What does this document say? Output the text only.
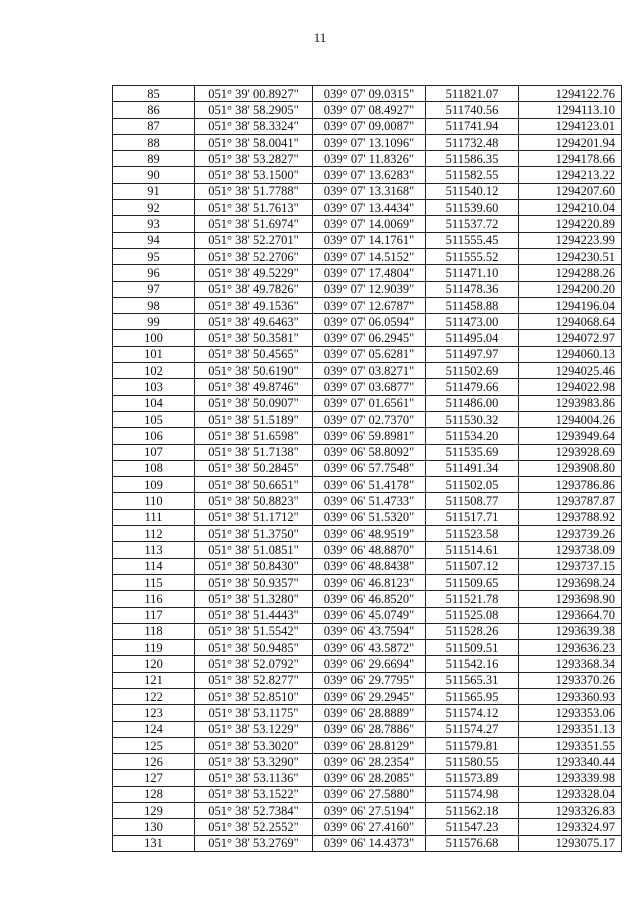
11
85	051° 39' 00.8927"	039° 07' 09.0315"	511821.07	1294122.76
86	051° 38' 58.2905"	039° 07' 08.4927"	511740.56	1294113.10
87	051° 38' 58.3324"	039° 07' 09.0087"	511741.94	1294123.01
88	051° 38' 58.0041"	039° 07' 13.1096"	511732.48	1294201.94
89	051° 38' 53.2827"	039° 07' 11.8326"	511586.35	1294178.66
90	051° 38' 53.1500"	039° 07' 13.6283"	511582.55	1294213.22
91	051° 38' 51.7788"	039° 07' 13.3168"	511540.12	1294207.60
92	051° 38' 51.7613"	039° 07' 13.4434"	511539.60	1294210.04
93	051° 38' 51.6974"	039° 07' 14.0069"	511537.72	1294220.89
94	051° 38' 52.2701"	039° 07' 14.1761"	511555.45	1294223.99
95	051° 38' 52.2706"	039° 07' 14.5152"	511555.52	1294230.51
96	051° 38' 49.5229"	039° 07' 17.4804"	511471.10	1294288.26
97	051° 38' 49.7826"	039° 07' 12.9039"	511478.36	1294200.20
98	051° 38' 49.1536"	039° 07' 12.6787"	511458.88	1294196.04
99	051° 38' 49.6463"	039° 07' 06.0594"	511473.00	1294068.64
100	051° 38' 50.3581"	039° 07' 06.2945"	511495.04	1294072.97
101	051° 38' 50.4565"	039° 07' 05.6281"	511497.97	1294060.13
102	051° 38' 50.6190"	039° 07' 03.8271"	511502.69	1294025.46
103	051° 38' 49.8746"	039° 07' 03.6877"	511479.66	1294022.98
104	051° 38' 50.0907"	039° 07' 01.6561"	511486.00	1293983.86
105	051° 38' 51.5189"	039° 07' 02.7370"	511530.32	1294004.26
106	051° 38' 51.6598"	039° 06' 59.8981"	511534.20	1293949.64
107	051° 38' 51.7138"	039° 06' 58.8092"	511535.69	1293928.69
108	051° 38' 50.2845"	039° 06' 57.7548"	511491.34	1293908.80
109	051° 38' 50.6651"	039° 06' 51.4178"	511502.05	1293786.86
110	051° 38' 50.8823"	039° 06' 51.4733"	511508.77	1293787.87
111	051° 38' 51.1712"	039° 06' 51.5320"	511517.71	1293788.92
112	051° 38' 51.3750"	039° 06' 48.9519"	511523.58	1293739.26
113	051° 38' 51.0851"	039° 06' 48.8870"	511514.61	1293738.09
114	051° 38' 50.8430"	039° 06' 48.8438"	511507.12	1293737.15
115	051° 38' 50.9357"	039° 06' 46.8123"	511509.65	1293698.24
116	051° 38' 51.3280"	039° 06' 46.8520"	511521.78	1293698.90
117	051° 38' 51.4443"	039° 06' 45.0749"	511525.08	1293664.70
118	051° 38' 51.5542"	039° 06' 43.7594"	511528.26	1293639.38
119	051° 38' 50.9485"	039° 06' 43.5872"	511509.51	1293636.23
120	051° 38' 52.0792"	039° 06' 29.6694"	511542.16	1293368.34
121	051° 38' 52.8277"	039° 06' 29.7795"	511565.31	1293370.26
122	051° 38' 52.8510"	039° 06' 29.2945"	511565.95	1293360.93
123	051° 38' 53.1175"	039° 06' 28.8889"	511574.12	1293353.06
124	051° 38' 53.1229"	039° 06' 28.7886"	511574.27	1293351.13
125	051° 38' 53.3020"	039° 06' 28.8129"	511579.81	1293351.55
126	051° 38' 53.3290"	039° 06' 28.2354"	511580.55	1293340.44
127	051° 38' 53.1136"	039° 06' 28.2085"	511573.89	1293339.98
128	051° 38' 53.1522"	039° 06' 27.5880"	511574.98	1293328.04
129	051° 38' 52.7384"	039° 06' 27.5194"	511562.18	1293326.83
130	051° 38' 52.2552"	039° 06' 27.4160"	511547.23	1293324.97
131	051° 38' 53.2769"	039° 06' 14.4373"	511576.68	1293075.17
